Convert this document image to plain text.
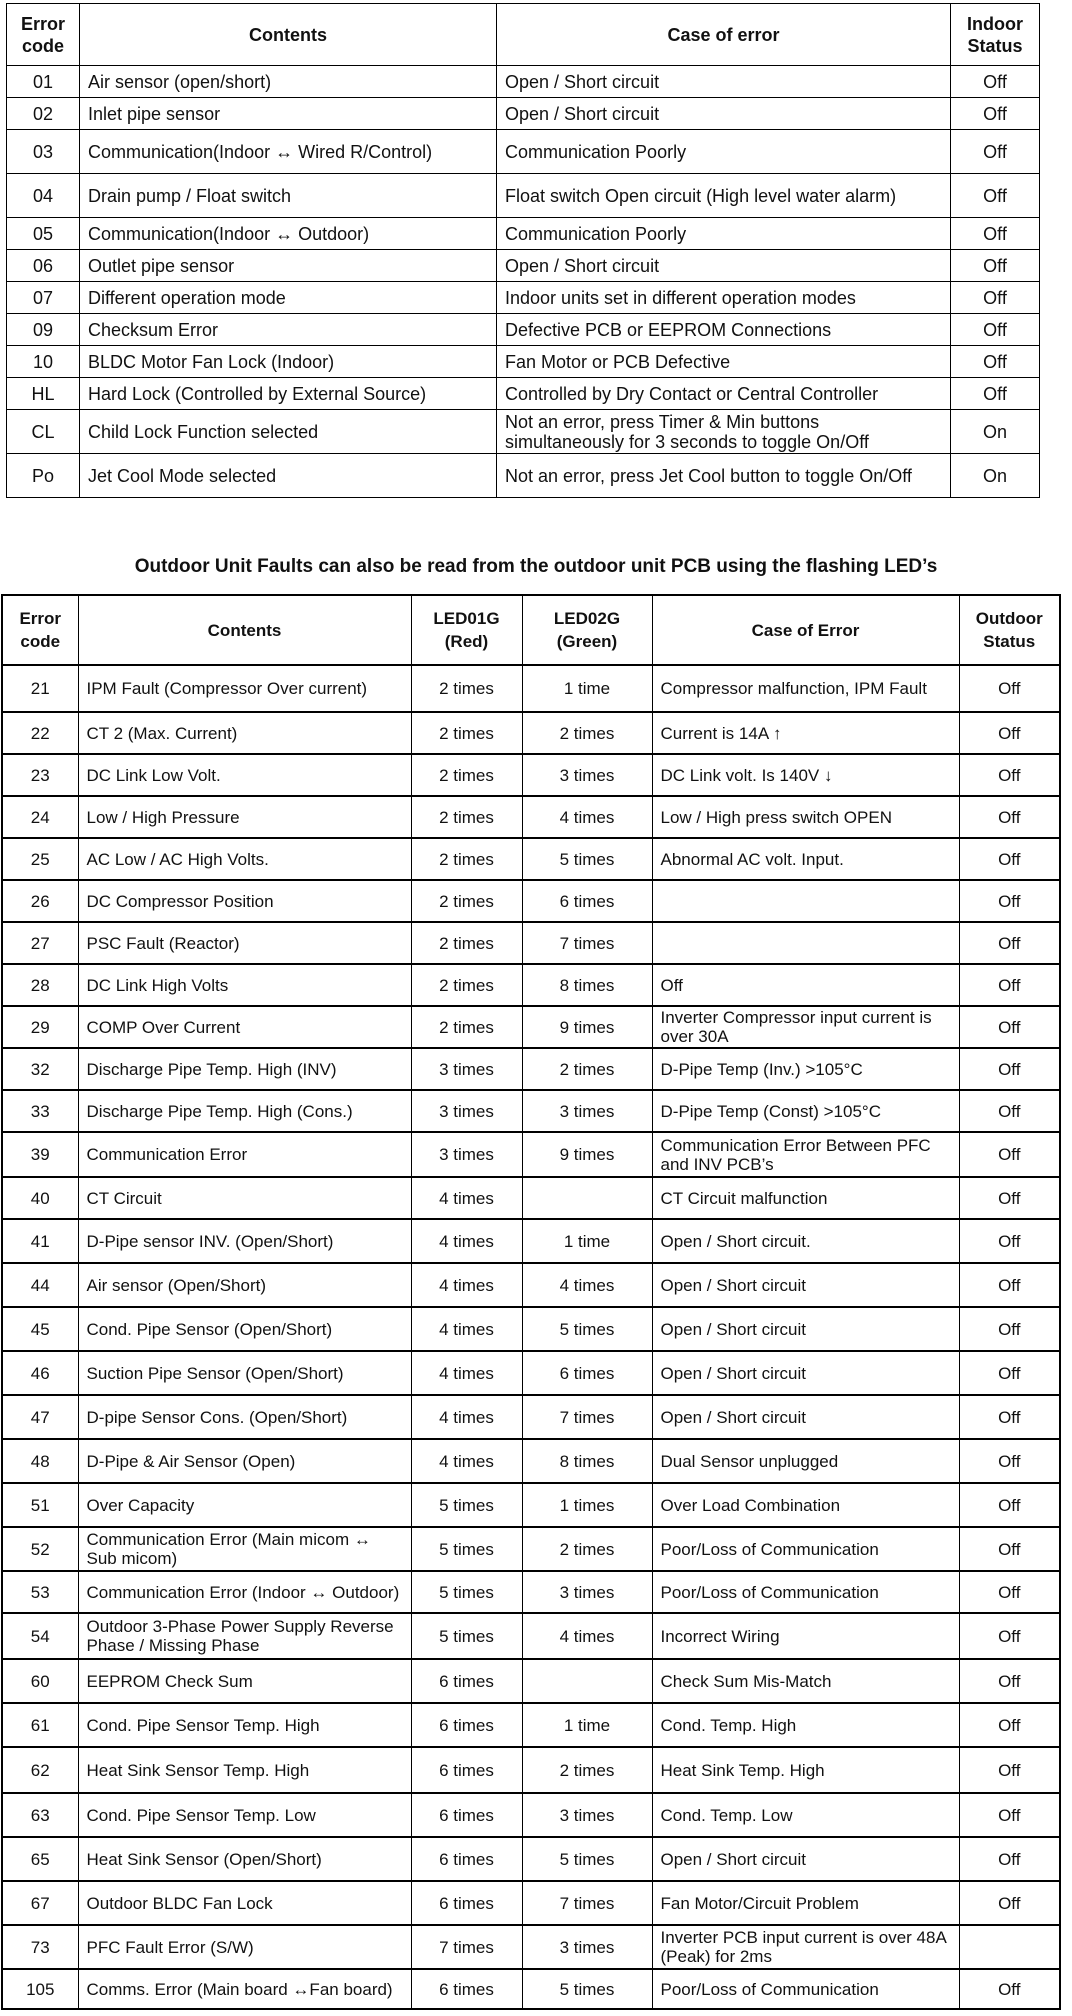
Error code	Contents	Case of error	Indoor Status
01	Air sensor (open/short)	Open / Short circuit	Off
02	Inlet pipe sensor	Open / Short circuit	Off
03	Communication(Indoor ↔ Wired R/Control)	Communication Poorly	Off
04	Drain pump / Float switch	Float switch Open circuit (High level water alarm)	Off
05	Communication(Indoor ↔ Outdoor)	Communication Poorly	Off
06	Outlet pipe sensor	Open / Short circuit	Off
07	Different operation mode	Indoor units set in different operation modes	Off
09	Checksum Error	Defective PCB or EEPROM Connections	Off
10	BLDC Motor Fan Lock (Indoor)	Fan Motor or PCB Defective	Off
HL	Hard Lock (Controlled by External Source)	Controlled by Dry Contact or Central Controller	Off
CL	Child Lock Function selected	Not an error, press Timer & Min buttons simultaneously for 3 seconds to toggle On/Off	On
Po	Jet Cool Mode selected	Not an error, press Jet Cool button to toggle On/Off	On
Outdoor Unit Faults can also be read from the outdoor unit PCB using the flashing LED’s
Error code	Contents	LED01G (Red)	LED02G (Green)	Case of Error	Outdoor Status
21	IPM Fault (Compressor Over current)	2 times	1 time	Compressor malfunction, IPM Fault	Off
22	CT 2 (Max. Current)	2 times	2 times	Current is 14A ↑	Off
23	DC Link Low Volt.	2 times	3 times	DC Link volt. Is 140V ↓	Off
24	Low / High Pressure	2 times	4 times	Low / High press switch OPEN	Off
25	AC Low / AC High Volts.	2 times	5 times	Abnormal AC volt. Input.	Off
26	DC Compressor Position	2 times	6 times		Off
27	PSC Fault (Reactor)	2 times	7 times		Off
28	DC Link High Volts	2 times	8 times	Off	Off
29	COMP Over Current	2 times	9 times	Inverter Compressor input current is over 30A	Off
32	Discharge Pipe Temp. High (INV)	3 times	2 times	D-Pipe Temp (Inv.) >105°C	Off
33	Discharge Pipe Temp. High (Cons.)	3 times	3 times	D-Pipe Temp (Const) >105°C	Off
39	Communication Error	3 times	9 times	Communication Error Between PFC and INV PCB’s	Off
40	CT Circuit	4 times		CT Circuit malfunction	Off
41	D-Pipe sensor INV. (Open/Short)	4 times	1 time	Open / Short circuit.	Off
44	Air sensor (Open/Short)	4 times	4 times	Open / Short circuit	Off
45	Cond. Pipe Sensor (Open/Short)	4 times	5 times	Open / Short circuit	Off
46	Suction Pipe Sensor (Open/Short)	4 times	6 times	Open / Short circuit	Off
47	D-pipe Sensor Cons. (Open/Short)	4 times	7 times	Open / Short circuit	Off
48	D-Pipe & Air Sensor (Open)	4 times	8 times	Dual Sensor unplugged	Off
51	Over Capacity	5 times	1 times	Over Load Combination	Off
52	Communication Error (Main micom ↔ Sub micom)	5 times	2 times	Poor/Loss of Communication	Off
53	Communication Error (Indoor ↔ Outdoor)	5 times	3 times	Poor/Loss of Communication	Off
54	Outdoor 3-Phase Power Supply Reverse Phase / Missing Phase	5 times	4 times	Incorrect Wiring	Off
60	EEPROM Check Sum	6 times		Check Sum Mis-Match	Off
61	Cond. Pipe Sensor Temp. High	6 times	1 time	Cond. Temp. High	Off
62	Heat Sink Sensor Temp. High	6 times	2 times	Heat Sink Temp. High	Off
63	Cond. Pipe Sensor Temp. Low	6 times	3 times	Cond. Temp. Low	Off
65	Heat Sink Sensor (Open/Short)	6 times	5 times	Open / Short circuit	Off
67	Outdoor BLDC Fan Lock	6 times	7 times	Fan Motor/Circuit Problem	Off
73	PFC Fault Error (S/W)	7 times	3 times	Inverter PCB input current is over 48A (Peak) for 2ms	
105	Comms. Error (Main board ↔Fan board)	6 times	5 times	Poor/Loss of Communication	Off
